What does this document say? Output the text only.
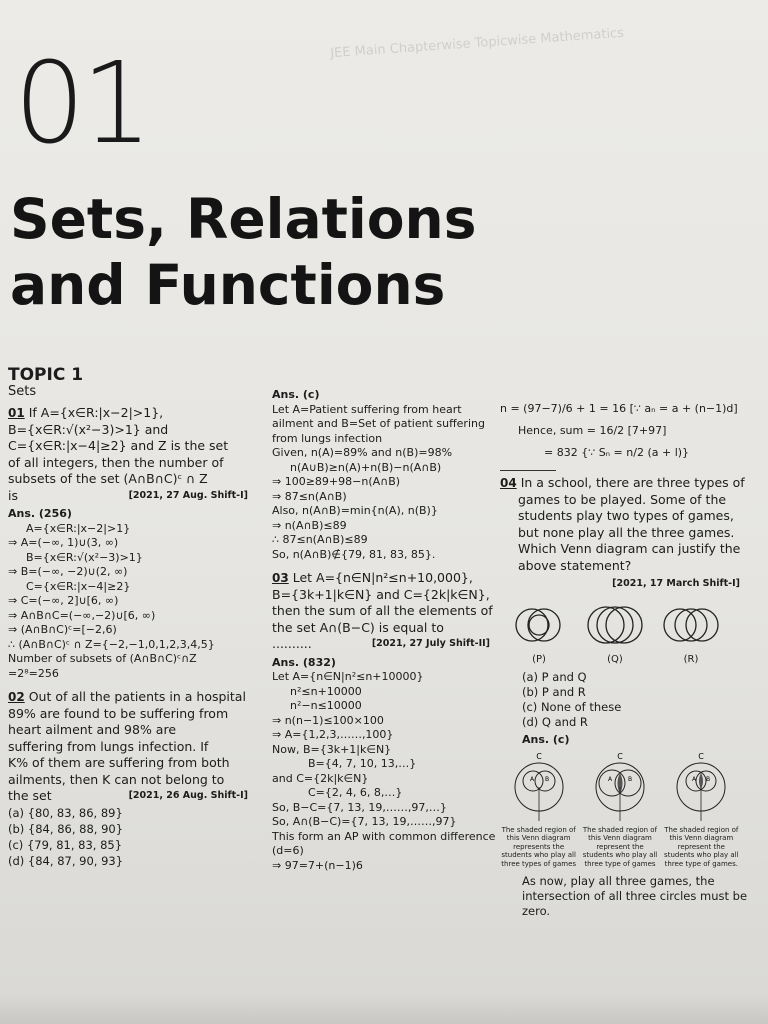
JEE Main Chapterwise Topicwise Mathematics
01
Sets, Relations
and Functions
TOPIC 1
Sets
01 If A={x∈R:|x−2|>1},
B={x∈R:√(x²−3)>1} and
C={x∈R:|x−4|≥2} and Z is the set
of all integers, then the number of
subsets of the set (A∩B∩C)ᶜ ∩ Z
is	[2021, 27 Aug. Shift-I]
Ans. (256)
A={x∈R:|x−2|>1}
⇒ A=(−∞, 1)∪(3, ∞)
B={x∈R:√(x²−3)>1}
⇒ B=(−∞, −2)∪(2, ∞)
C={x∈R:|x−4|≥2}
⇒ C=(−∞, 2]∪[6, ∞)
⇒ A∩B∩C=(−∞,−2)∪[6, ∞)
⇒ (A∩B∩C)ᶜ=[−2,6)
∴ (A∩B∩C)ᶜ ∩ Z={−2,−1,0,1,2,3,4,5}
Number of subsets of (A∩B∩C)ᶜ∩Z
=2⁸=256
02 Out of all the patients in a hospital
89% are found to be suffering from
heart ailment and 98% are
suffering from lungs infection. If
K% of them are suffering from both
ailments, then K can not belong to
the set	[2021, 26 Aug. Shift-I]
(a) {80, 83, 86, 89}
(b) {84, 86, 88, 90}
(c) {79, 81, 83, 85}
(d) {84, 87, 90, 93}
Ans. (c)
Let A=Patient suffering from heart
ailment and B=Set of patient suffering
from lungs infection
Given, n(A)=89% and n(B)=98%
n(A∪B)≥n(A)+n(B)−n(A∩B)
⇒ 100≥89+98−n(A∩B)
⇒ 87≤n(A∩B)
Also, n(A∩B)=min{n(A), n(B)}
⇒ n(A∩B)≤89
∴ 87≤n(A∩B)≤89
So, n(A∩B)∉{79, 81, 83, 85}.
03 Let A={n∈N|n²≤n+10,000},
B={3k+1|k∈N} and C={2k|k∈N},
then the sum of all the elements of
the set A∩(B−C) is equal to
..........	[2021, 27 July Shift-II]
Ans. (832)
Let A={n∈N|n²≤n+10000}
n²≤n+10000
n²−n≤10000
⇒ n(n−1)≤100×100
⇒ A={1,2,3,……,100}
Now, B={3k+1|k∈N}
B={4, 7, 10, 13,…}
and C={2k|k∈N}
C={2, 4, 6, 8,…}
So, B−C={7, 13, 19,……,97,…}
So, A∩(B−C)={7, 13, 19,……,97}
This form an AP with common difference
(d=6)
⇒ 97=7+(n−1)6
n = (97−7)/6 + 1 = 16 [∵ aₙ = a + (n−1)d]
Hence, sum = 16/2 [7+97]
= 832 {∵ Sₙ = n/2 (a + l)}
04 In a school, there are three types of
games to be played. Some of the
students play two types of games,
but none play all the three games.
Which Venn diagram can justify the
above statement?
[2021, 17 March Shift-I]
(P)	(Q)	(R)
(a) P and Q
(b) P and R
(c) None of these
(d) Q and R
Ans. (c)
C
A B
The shaded region of this Venn diagram represents the students who play all three types of games
C
A	B
The shaded region of this Venn diagram represent the students who play all three type of games
C
A B
The shaded region of this Venn diagram represent the students who play all three type of games.
As now, play all three games, the
intersection of all three circles must be
zero.
